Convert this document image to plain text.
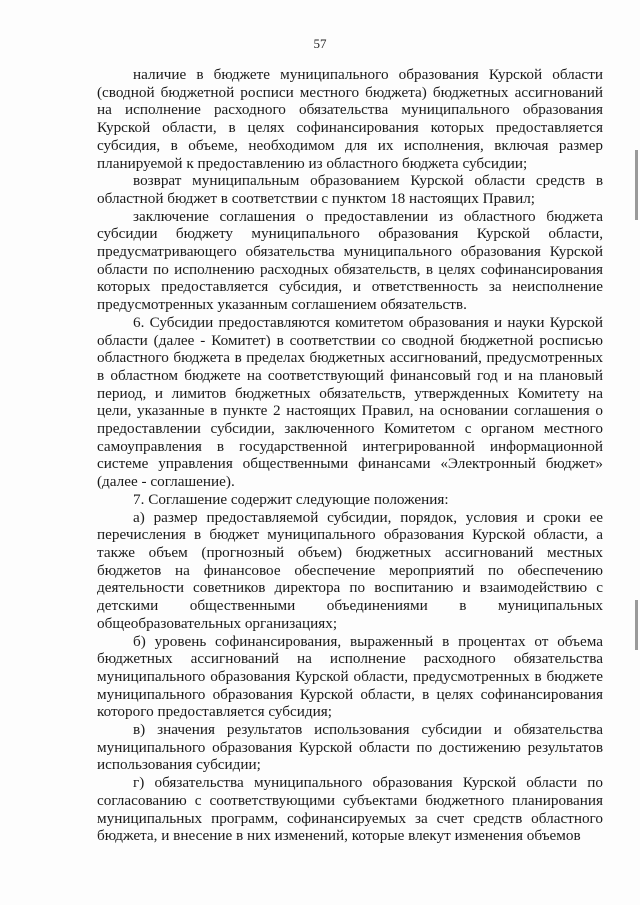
57

наличие в бюджете муниципального образования Курской области (сводной бюджетной росписи местного бюджета) бюджетных ассигнований на исполнение расходного обязательства муниципального образования Курской области, в целях софинансирования которых предоставляется субсидия, в объеме, необходимом для их исполнения, включая размер планируемой к предоставлению из областного бюджета субсидии;

возврат муниципальным образованием Курской области средств в областной бюджет в соответствии с пунктом 18 настоящих Правил;

заключение соглашения о предоставлении из областного бюджета субсидии бюджету муниципального образования Курской области, предусматривающего обязательства муниципального образования Курской области по исполнению расходных обязательств, в целях софинансирования которых предоставляется субсидия, и ответственность за неисполнение предусмотренных указанным соглашением обязательств.

6. Субсидии предоставляются комитетом образования и науки Курской области (далее - Комитет) в соответствии со сводной бюджетной росписью областного бюджета в пределах бюджетных ассигнований, предусмотренных в областном бюджете на соответствующий финансовый год и на плановый период, и лимитов бюджетных обязательств, утвержденных Комитету на цели, указанные в пункте 2 настоящих Правил, на основании соглашения о предоставлении субсидии, заключенного Комитетом с органом местного самоуправления в государственной интегрированной информационной системе управления общественными финансами «Электронный бюджет» (далее - соглашение).

7. Соглашение содержит следующие положения:

а) размер предоставляемой субсидии, порядок, условия и сроки ее перечисления в бюджет муниципального образования Курской области, а также объем (прогнозный объем) бюджетных ассигнований местных бюджетов на финансовое обеспечение мероприятий по обеспечению деятельности советников директора по воспитанию и взаимодействию с детскими общественными объединениями в муниципальных общеобразовательных организациях;

б) уровень софинансирования, выраженный в процентах от объема бюджетных ассигнований на исполнение расходного обязательства муниципального образования Курской области, предусмотренных в бюджете муниципального образования Курской области, в целях софинансирования которого предоставляется субсидия;

в) значения результатов использования субсидии и обязательства муниципального образования Курской области по достижению результатов использования субсидии;

г) обязательства муниципального образования Курской области по согласованию с соответствующими субъектами бюджетного планирования муниципальных программ, софинансируемых за счет средств областного бюджета, и внесение в них изменений, которые влекут изменения объемов
